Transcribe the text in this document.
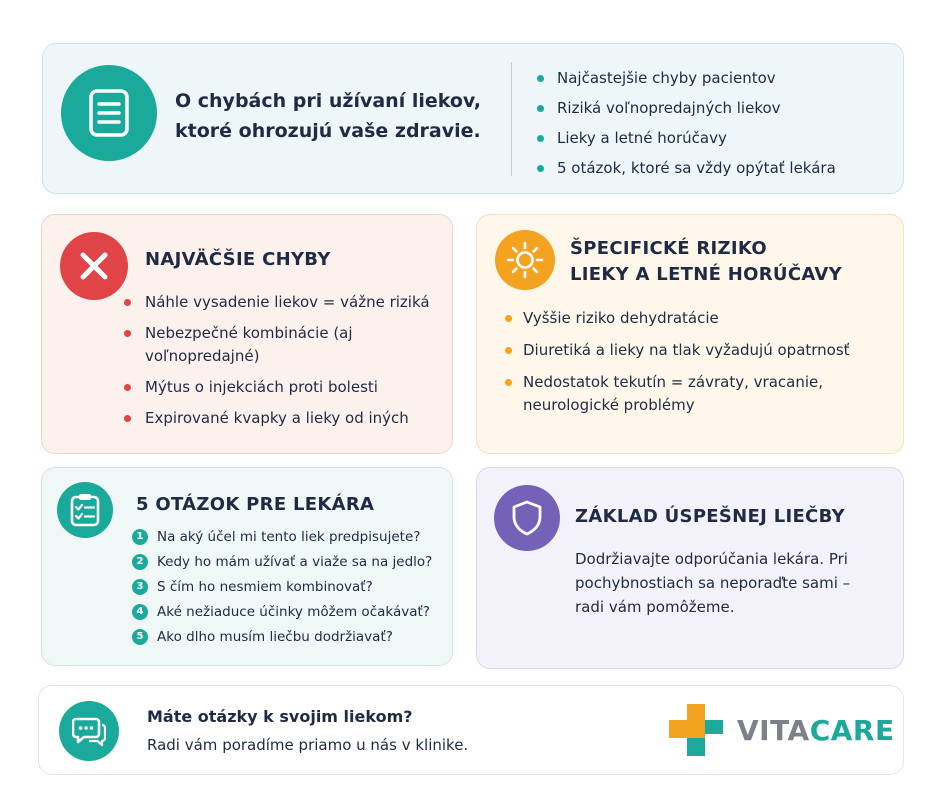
O chybách pri užívaní liekov,
ktoré ohrozujú vaše zdravie.
Najčastejšie chyby pacientov
Riziká voľnopredajných liekov
Lieky a letné horúčavy
5 otázok, ktoré sa vždy opýtať lekára
NAJVÄČŠIE CHYBY
Náhle vysadenie liekov = vážne riziká
Nebezpečné kombinácie (aj voľnopredajné)
Mýtus o injekciách proti bolesti
Expirované kvapky a lieky od iných
ŠPECIFICKÉ RIZIKO
LIEKY A LETNÉ HORÚČAVY
Vyššie riziko dehydratácie
Diuretiká a lieky na tlak vyžadujú opatrnosť
Nedostatok tekutín = závraty, vracanie, neurologické problémy
5 OTÁZOK PRE LEKÁRA
1	Na aký účel mi tento liek predpisujete?
2	Kedy ho mám užívať a viaže sa na jedlo?
3	S čím ho nesmiem kombinovať?
4	Aké nežiaduce účinky môžem očakávať?
5	Ako dlho musím liečbu dodržiavať?
ZÁKLAD ÚSPEŠNEJ LIEČBY
Dodržiavajte odporúčania lekára. Pri pochybnostiach sa neporaďte sami – radi vám pomôžeme.
Máte otázky k svojim liekom?
Radi vám poradíme priamo u nás v klinike.	VITACARE
